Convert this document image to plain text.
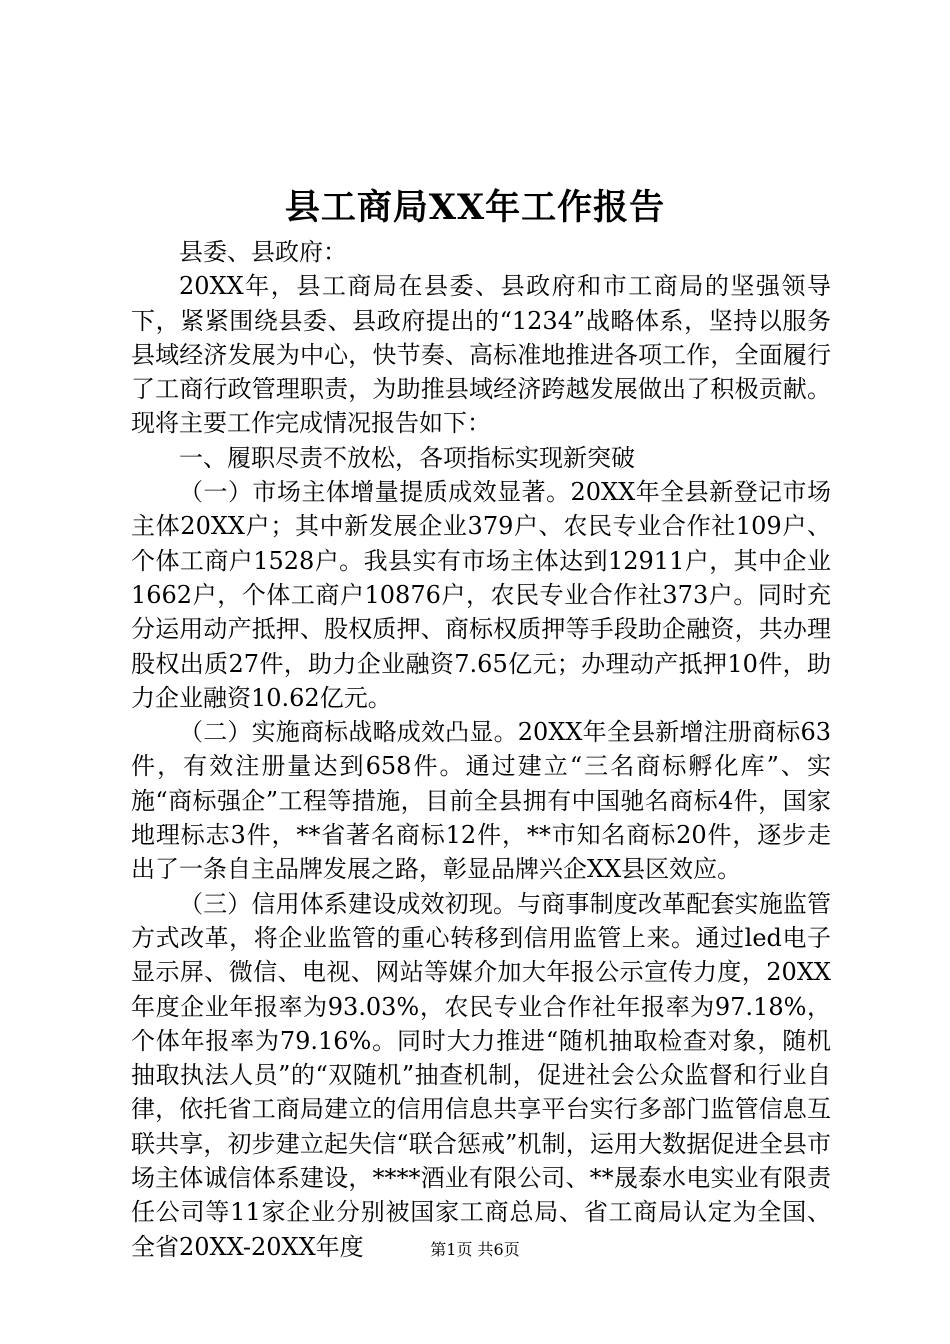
县工商局XX年工作报告

县委、县政府：

20XX年，县工商局在县委、县政府和市工商局的坚强领导下，紧紧围绕县委、县政府提出的“1234”战略体系，坚持以服务县域经济发展为中心，快节奏、高标准地推进各项工作，全面履行了工商行政管理职责，为助推县域经济跨越发展做出了积极贡献。现将主要工作完成情况报告如下：

一、履职尽责不放松，各项指标实现新突破

（一）市场主体增量提质成效显著。20XX年全县新登记市场主体20XX户；其中新发展企业379户、农民专业合作社109户、个体工商户1528户。我县实有市场主体达到12911户，其中企业1662户，个体工商户10876户，农民专业合作社373户。同时充分运用动产抵押、股权质押、商标权质押等手段助企融资，共办理股权出质27件，助力企业融资7.65亿元；办理动产抵押10件，助力企业融资10.62亿元。

（二）实施商标战略成效凸显。20XX年全县新增注册商标63件，有效注册量达到658件。通过建立“三名商标孵化库”、实施“商标强企”工程等措施，目前全县拥有中国驰名商标4件，国家地理标志3件，**省著名商标12件，**市知名商标20件，逐步走出了一条自主品牌发展之路，彰显品牌兴企XX县区效应。

（三）信用体系建设成效初现。与商事制度改革配套实施监管方式改革，将企业监管的重心转移到信用监管上来。通过led电子显示屏、微信、电视、网站等媒介加大年报公示宣传力度，20XX年度企业年报率为93.03%，农民专业合作社年报率为97.18%，个体年报率为79.16%。同时大力推进“随机抽取检查对象，随机抽取执法人员”的“双随机”抽查机制，促进社会公众监督和行业自律，依托省工商局建立的信用信息共享平台实行多部门监管信息互联共享，初步建立起失信“联合惩戒”机制，运用大数据促进全县市场主体诚信体系建设，****酒业有限公司、**晟泰水电实业有限责任公司等11家企业分别被国家工商总局、省工商局认定为全国、全省20XX-20XX年度	第1页 共6页
